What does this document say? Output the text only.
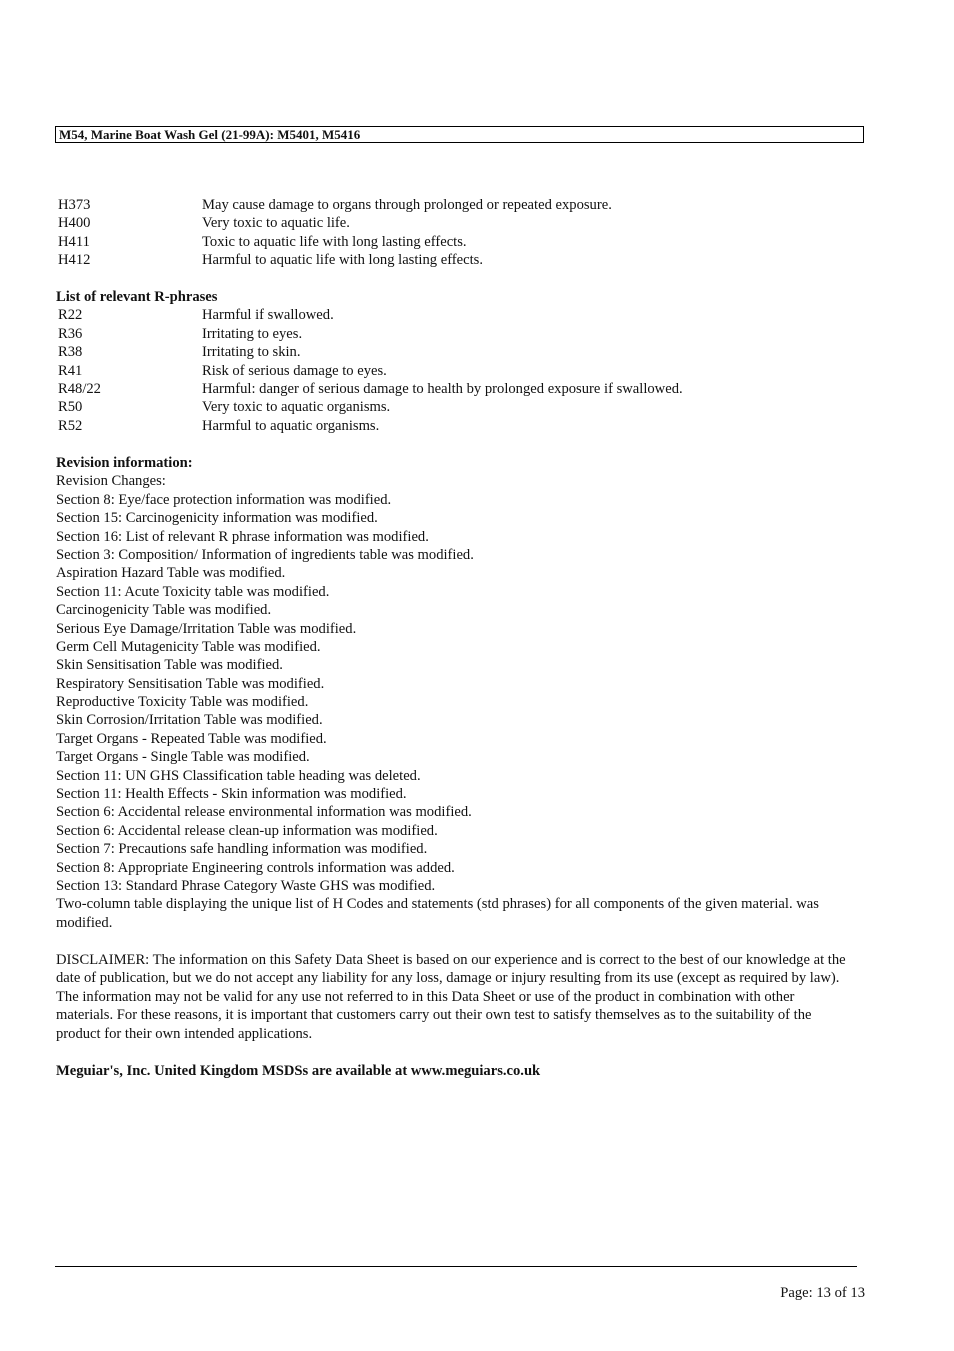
M54, Marine Boat Wash Gel (21-99A): M5401, M5416
H373	May cause damage to organs through prolonged or repeated exposure.
H400	Very toxic to aquatic life.
H411	Toxic to aquatic life with long lasting effects.
H412	Harmful to aquatic life with long lasting effects.
List of relevant R-phrases
R22	Harmful if swallowed.
R36	Irritating to eyes.
R38	Irritating to skin.
R41	Risk of serious damage to eyes.
R48/22	Harmful: danger of serious damage to health by prolonged exposure if swallowed.
R50	Very toxic to aquatic organisms.
R52	Harmful to aquatic organisms.
Revision information:
Revision Changes:
Section 8: Eye/face protection information was modified.
Section 15: Carcinogenicity information was modified.
Section 16: List of relevant R phrase information was modified.
Section 3: Composition/ Information of ingredients table was modified.
Aspiration Hazard Table was modified.
Section 11: Acute Toxicity table was modified.
Carcinogenicity Table was modified.
Serious Eye Damage/Irritation Table was modified.
Germ Cell Mutagenicity Table was modified.
Skin Sensitisation Table was modified.
Respiratory Sensitisation Table was modified.
Reproductive Toxicity Table was modified.
Skin Corrosion/Irritation Table was modified.
Target Organs - Repeated Table was modified.
Target Organs - Single Table was modified.
Section 11: UN GHS Classification table heading was deleted.
Section 11: Health Effects - Skin information was modified.
Section 6: Accidental release environmental information was modified.
Section 6: Accidental release clean-up information was modified.
Section 7: Precautions safe handling information was modified.
Section 8: Appropriate Engineering controls information was added.
Section 13: Standard Phrase Category Waste GHS was modified.
Two-column table displaying the unique list of H Codes and statements (std phrases) for all components of the given material. was modified.
DISCLAIMER: The information on this Safety Data Sheet is based on our experience and is correct to the best of our knowledge at the date of publication, but we do not accept any liability for any loss, damage or injury resulting from its use (except as required by law). The information may not be valid for any use not referred to in this Data Sheet or use of the product in combination with other materials. For these reasons, it is important that customers carry out their own test to satisfy themselves as to the suitability of the product for their own intended applications.
Meguiar's, Inc. United Kingdom MSDSs are available at www.meguiars.co.uk
Page: 13 of 13
